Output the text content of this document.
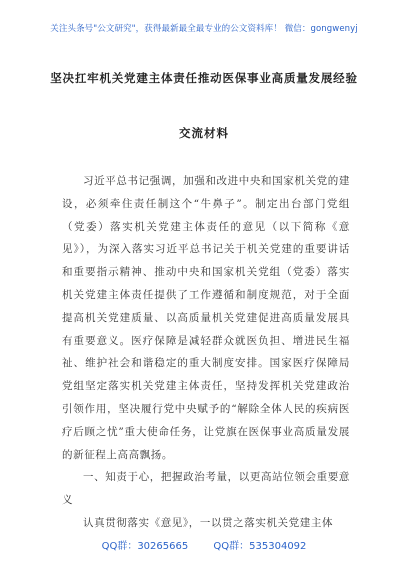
关注头条号"公文研究"，获得最新最全最专业的公文资料库！ 微信：gongwenyj
坚决扛牢机关党建主体责任推动医保事业高质量发展经验
交流材料

习近平总书记强调，加强和改进中央和国家机关党的建设，必须牵住责任制这个“牛鼻子”。制定出台部门党组（党委）落实机关党建主体责任的意见（以下简称《意见》），为深入落实习近平总书记关于机关党建的重要讲话和重要指示精神、推动中央和国家机关党组（党委）落实机关党建主体责任提供了工作遵循和制度规范，对于全面提高机关党建质量、以高质量机关党建促进高质量发展具有重要意义。医疗保障是减轻群众就医负担、增进民生福祉、维护社会和谐稳定的重大制度安排。国家医疗保障局党组坚定落实机关党建主体责任，坚持发挥机关党建政治引领作用，坚决履行党中央赋予的“解除全体人民的疾病医疗后顾之忧”重大使命任务，让党旗在医保事业高质量发展的新征程上高高飘扬。

一、知责于心，把握政治考量，以更高站位领会重要意义

认真贯彻落实《意见》，一以贯之落实机关党建主体

QQ群：30265665	QQ群：535304092
